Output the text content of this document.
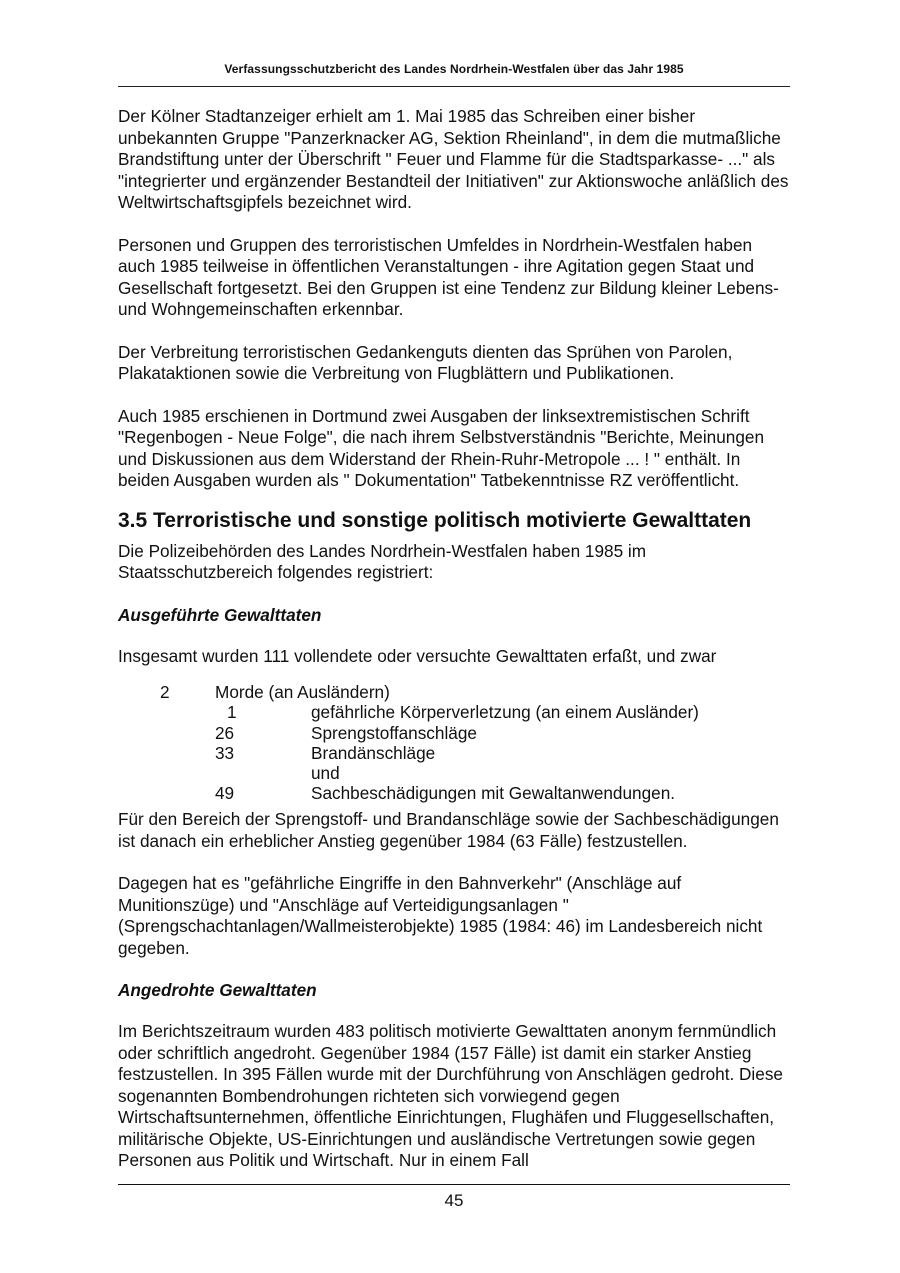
Verfassungsschutzbericht des Landes Nordrhein-Westfalen über das Jahr 1985

Der Kölner Stadtanzeiger erhielt am 1. Mai 1985 das Schreiben einer bisher unbekannten Gruppe "Panzerknacker AG, Sektion Rheinland", in dem die mutmaßliche Brandstiftung unter der Überschrift " Feuer und Flamme für die Stadtsparkasse- ..." als "integrierter und ergänzender Bestandteil der Initiativen" zur Aktionswoche anläßlich des Weltwirtschaftsgipfels bezeichnet wird.

Personen und Gruppen des terroristischen Umfeldes in Nordrhein-Westfalen haben auch 1985 teilweise in öffentlichen Veranstaltungen - ihre Agitation gegen Staat und Gesellschaft fortgesetzt. Bei den Gruppen ist eine Tendenz zur Bildung kleiner Lebens- und Wohngemeinschaften erkennbar.

Der Verbreitung terroristischen Gedankenguts dienten das Sprühen von Parolen, Plakataktionen sowie die Verbreitung von Flugblättern und Publikationen.

Auch 1985 erschienen in Dortmund zwei Ausgaben der linksextremistischen Schrift "Regenbogen - Neue Folge", die nach ihrem Selbstverständnis "Berichte, Meinungen und Diskussionen aus dem Widerstand der Rhein-Ruhr-Metropole ... ! " enthält. In beiden Ausgaben wurden als " Dokumentation" Tatbekenntnisse RZ veröffentlicht.

3.5 Terroristische und sonstige politisch motivierte Gewalttaten

Die Polizeibehörden des Landes Nordrhein-Westfalen haben 1985 im Staatsschutzbereich folgendes registriert:

Ausgeführte Gewalttaten

Insgesamt wurden 111 vollendete oder versuchte Gewalttaten erfaßt, und zwar

2	Morde (an Ausländern)
1	gefährliche Körperverletzung (an einem Ausländer)
26	Sprengstoffanschläge
33	Brandänschläge
und
49	Sachbeschädigungen mit Gewaltanwendungen.

Für den Bereich der Sprengstoff- und Brandanschläge sowie der Sachbeschädigungen ist danach ein erheblicher Anstieg gegenüber 1984 (63 Fälle) festzustellen.

Dagegen hat es "gefährliche Eingriffe in den Bahnverkehr" (Anschläge auf Munitionszüge) und "Anschläge auf Verteidigungsanlagen " (Sprengschachtanlagen/Wallmeisterobjekte) 1985 (1984: 46) im Landesbereich nicht gegeben.

Angedrohte Gewalttaten

Im Berichtszeitraum wurden 483 politisch motivierte Gewalttaten anonym fernmündlich oder schriftlich angedroht. Gegenüber 1984 (157 Fälle) ist damit ein starker Anstieg festzustellen. In 395 Fällen wurde mit der Durchführung von Anschlägen gedroht. Diese sogenannten Bombendrohungen richteten sich vorwiegend gegen Wirtschaftsunternehmen, öffentliche Einrichtungen, Flughäfen und Fluggesellschaften, militärische Objekte, US-Einrichtungen und ausländische Vertretungen sowie gegen Personen aus Politik und Wirtschaft. Nur in einem Fall

45
